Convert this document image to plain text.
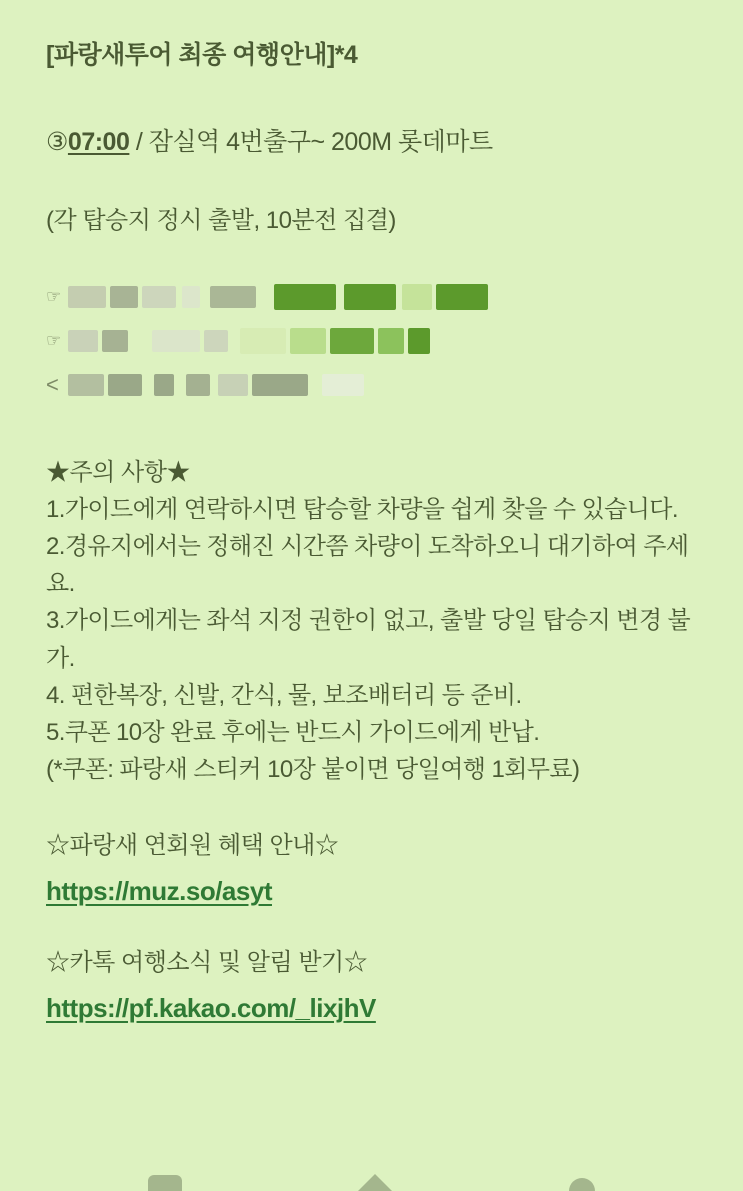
[파랑새투어 최종 여행안내]*4
③07:00 / 잠실역 4번출구~ 200M 롯데마트
(각 탑승지 정시 출발, 10분전 집결)
☞
☞
<
★주의 사항★
1.가이드에게 연락하시면 탑승할 차량을 쉽게 찾을 수 있습니다.
2.경유지에서는 정해진 시간쯤 차량이 도착하오니 대기하여 주세요.
3.가이드에게는 좌석 지정 권한이 없고, 출발 당일 탑승지 변경 불가.
4. 편한복장, 신발, 간식, 물, 보조배터리 등 준비.
5.쿠폰 10장 완료 후에는 반드시 가이드에게 반납.
(*쿠폰: 파랑새 스티커 10장 붙이면 당일여행 1회무료)
☆파랑새 연회원 혜택 안내☆
https://muz.so/asyt
☆카톡 여행소식 및 알림 받기☆
https://pf.kakao.com/_lixjhV
